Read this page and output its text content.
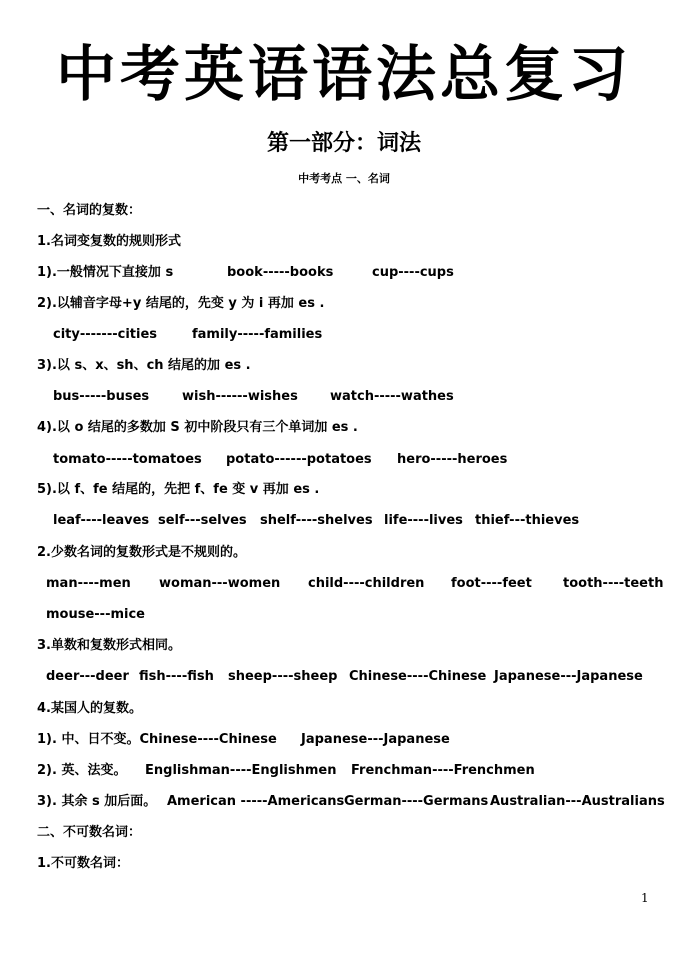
中考英语语法总复习
第一部分：词法
中考考点 一、名词
一、名词的复数：
1.名词变复数的规则形式
1).一般情况下直接加 s	book-----books	cup----cups
2).以辅音字母+y 结尾的，先变 y 为 i 再加 es .
city-------cities	family-----families
3).以 s、x、sh、ch 结尾的加 es .
bus-----buses	wish------wishes watch-----wathes
4).以 o 结尾的多数加 S 初中阶段只有三个单词加 es .
tomato-----tomatoes potato------potatoes hero-----heroes
5).以 f、fe 结尾的，先把 f、fe 变 v 再加 es .
leaf----leaves self---selves shelf----shelves life----lives thief---thieves
2.少数名词的复数形式是不规则的。
man----men woman---women child----children foot----feet tooth----teeth
mouse---mice
3.单数和复数形式相同。
deer---deer fish----fish sheep----sheep Chinese----Chinese Japanese---Japanese
4.某国人的复数。
1). 中、日不变。Chinese----Chinese Japanese---Japanese
2). 英、法变。 Englishman----Englishmen Frenchman----Frenchmen
3). 其余 s 加后面。 American -----Americans German----Germans Australian---Australians
二、不可数名词：
1.不可数名词：
1
